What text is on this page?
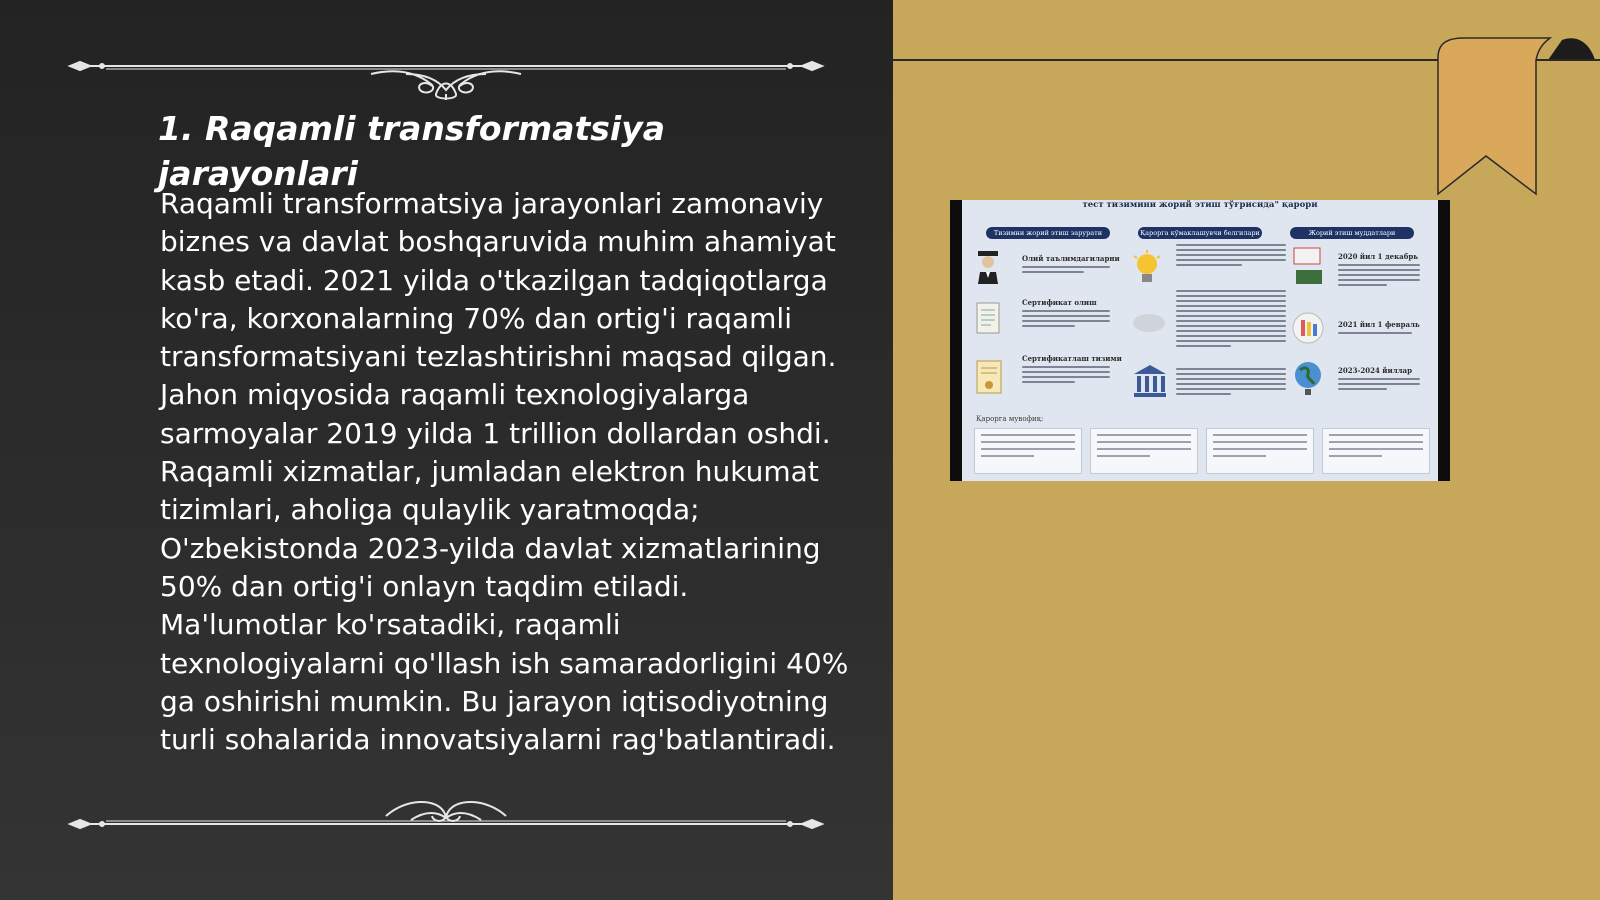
1. Raqamli transformatsiya jarayonlari

Raqamli transformatsiya jarayonlari zamonaviy biznes va davlat boshqaruvida muhim ahamiyat kasb etadi. 2021 yilda o'tkazilgan tadqiqotlarga ko'ra, korxonalarning 70% dan ortig'i raqamli transformatsiyani tezlashtirishni maqsad qilgan. Jahon miqyosida raqamli texnologiyalarga sarmoyalar 2019 yilda 1 trillion dollardan oshdi. Raqamli xizmatlar, jumladan elektron hukumat tizimlari, aholiga qulaylik yaratmoqda; O'zbekistonda 2023-yilda davlat xizmatlarining 50% dan ortig'i onlayn taqdim etiladi. Ma'lumotlar ko'rsatadiki, raqamli texnologiyalarni qo'llash ish samaradorligini 40% ga oshirishi mumkin. Bu jarayon iqtisodiyotning turli sohalarida innovatsiyalarni rag'batlantiradi.

тест тизимини жорий этиш тўғрисида" қарори
Тизимни жорий этиш зарурати	Қарорга кўмаклашувчи белгилари	Жорий этиш муддатлари
Олий таълимдагиларни
Сертификат олиш
Сертификатлаш тизими
2020 йил 1 декабрь
2021 йил 1 февраль
2023-2024 йиллар
Қарорга мувофиқ:
